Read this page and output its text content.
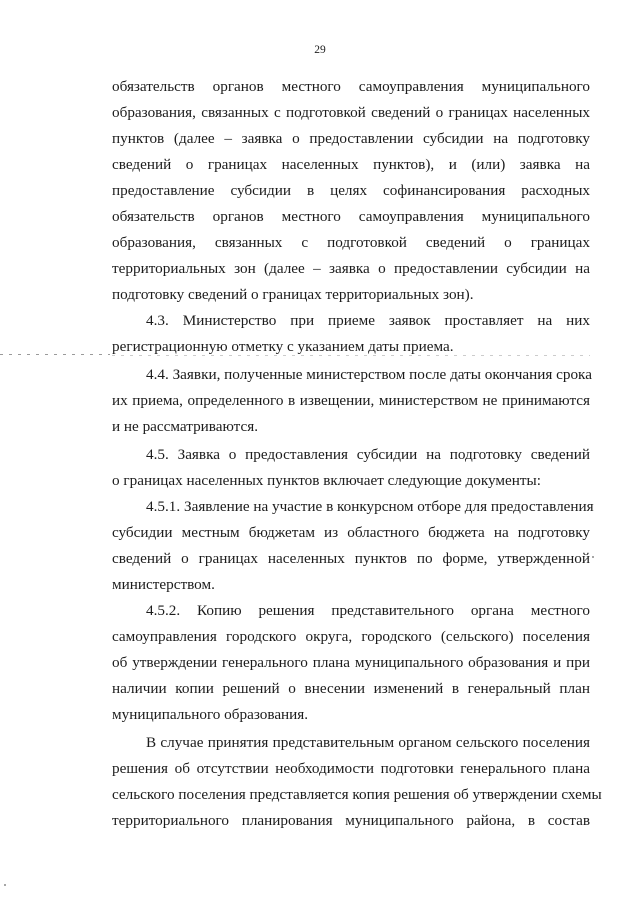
29
обязательств органов местного самоуправления муниципального
образования, связанных с подготовкой сведений о границах населенных
пунктов (далее – заявка о предоставлении субсидии на подготовку
сведений о границах населенных пунктов), и (или) заявка на
предоставление субсидии в целях софинансирования расходных
обязательств органов местного самоуправления муниципального
образования, связанных с подготовкой сведений о границах
территориальных зон (далее – заявка о предоставлении субсидии на
подготовку сведений о границах территориальных зон).
4.3. Министерство при приеме заявок проставляет на них
регистрационную отметку с указанием даты приема.
4.4. Заявки, полученные министерством после даты окончания срока
их приема, определенного в извещении, министерством не принимаются
и не рассматриваются.
4.5. Заявка о предоставления субсидии на подготовку сведений
о границах населенных пунктов включает следующие документы:
4.5.1. Заявление на участие в конкурсном отборе для предоставления
субсидии местным бюджетам из областного бюджета на подготовку
сведений о границах населенных пунктов по форме, утвержденной
министерством.
4.5.2. Копию решения представительного органа местного
самоуправления городского округа, городского (сельского) поселения
об утверждении генерального плана муниципального образования и при
наличии копии решений о внесении изменений в генеральный план
муниципального образования.
В случае принятия представительным органом сельского поселения
решения об отсутствии необходимости подготовки генерального плана
сельского поселения представляется копия решения об утверждении схемы
территориального планирования муниципального района, в состав
